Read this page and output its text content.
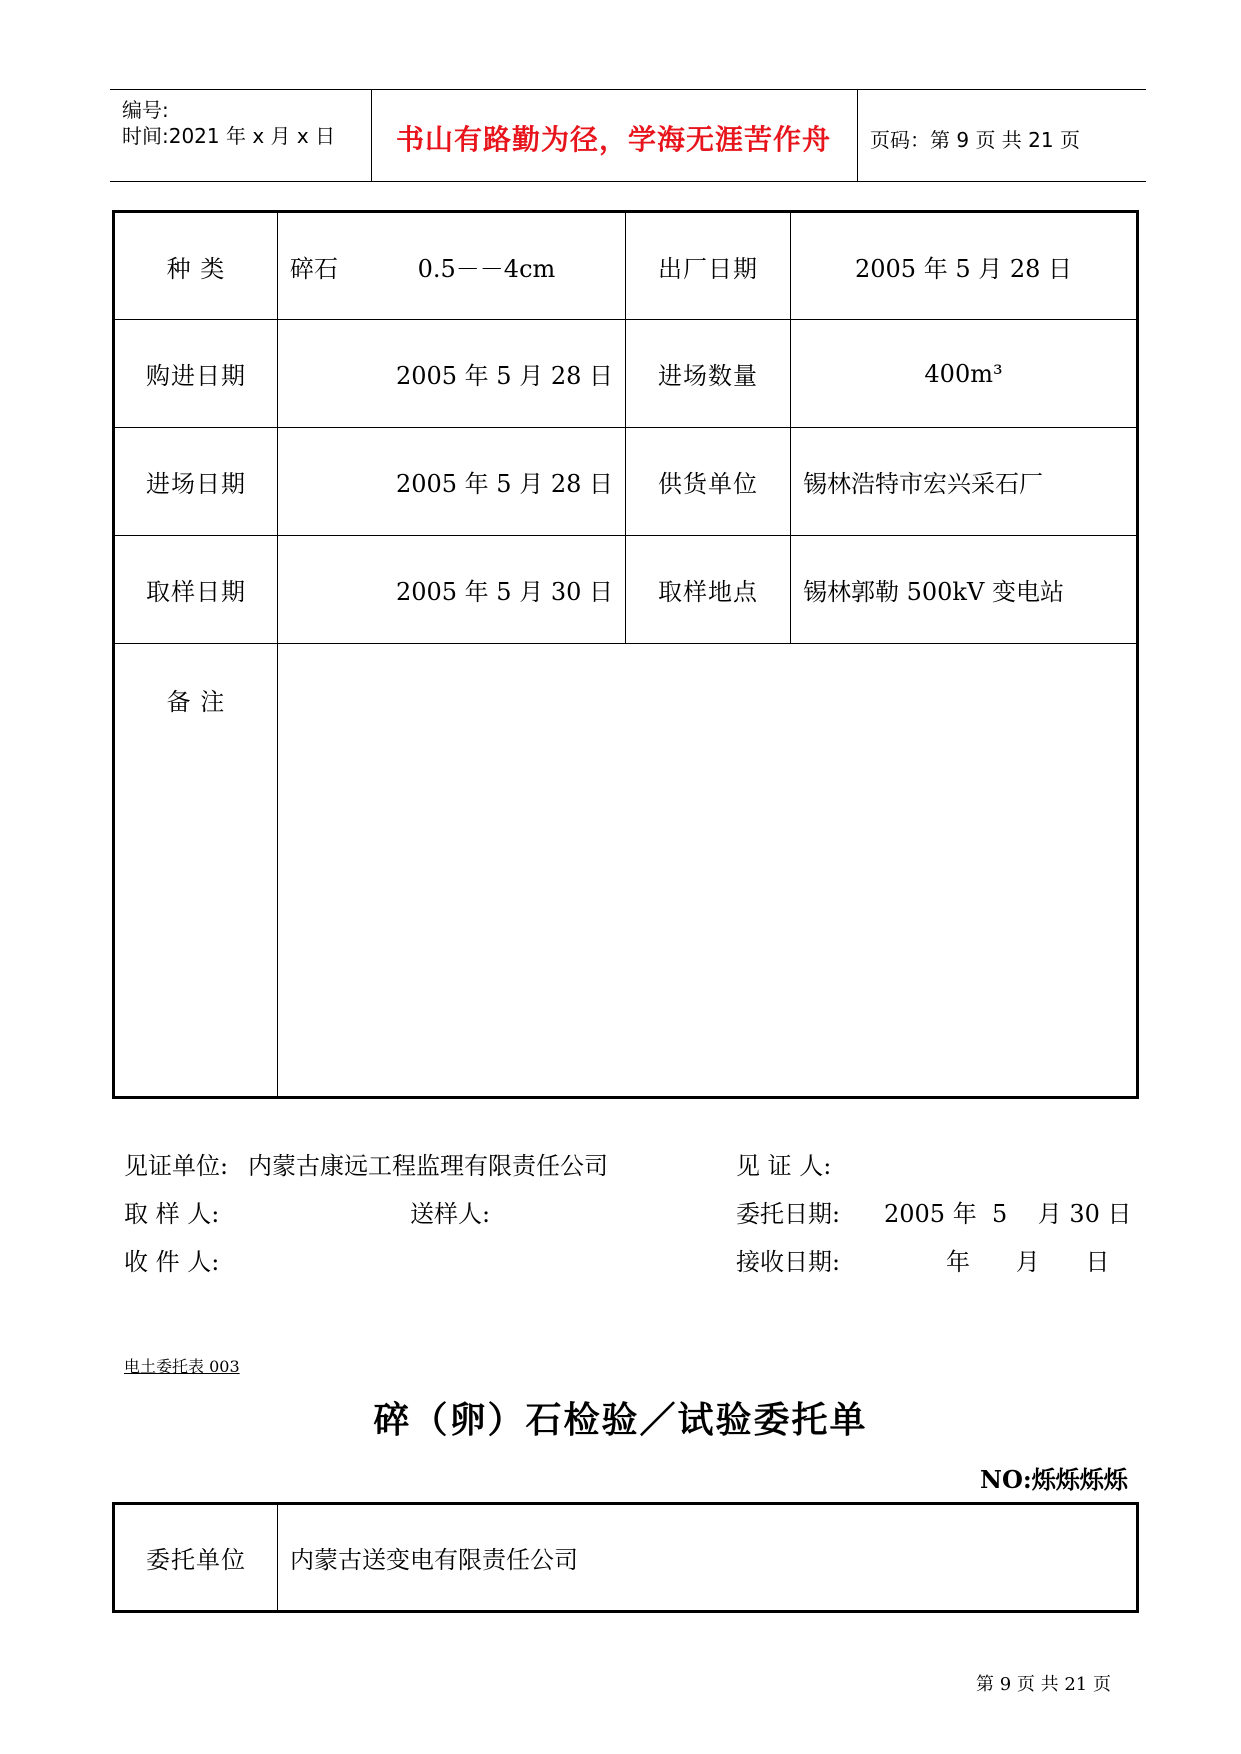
编号:
时间:2021 年 x 月 x 日 书山有路勤为径，学海无涯苦作舟 页码：第 9 页 共 21 页
种 类	碎石 0.5－－4cm	出厂日期	2005 年 5 月 28 日
购进日期	2005 年 5 月 28 日	进场数量	400m³
进场日期	2005 年 5 月 28 日	供货单位	锡林浩特市宏兴采石厂
取样日期	2005 年 5 月 30 日	取样地点	锡林郭勒 500kV 变电站
备 注			
见证单位: 内蒙古康远工程监理有限责任公司	见 证 人:
取 样 人:	送样人:	委托日期: 2005 年  5    月 30 日
收 件 人:	接收日期:	年      月      日
电土委托表 003
碎（卵）石检验／试验委托单
NO:烁烁烁烁
委托单位	内蒙古送变电有限责任公司
第 9 页 共 21 页
